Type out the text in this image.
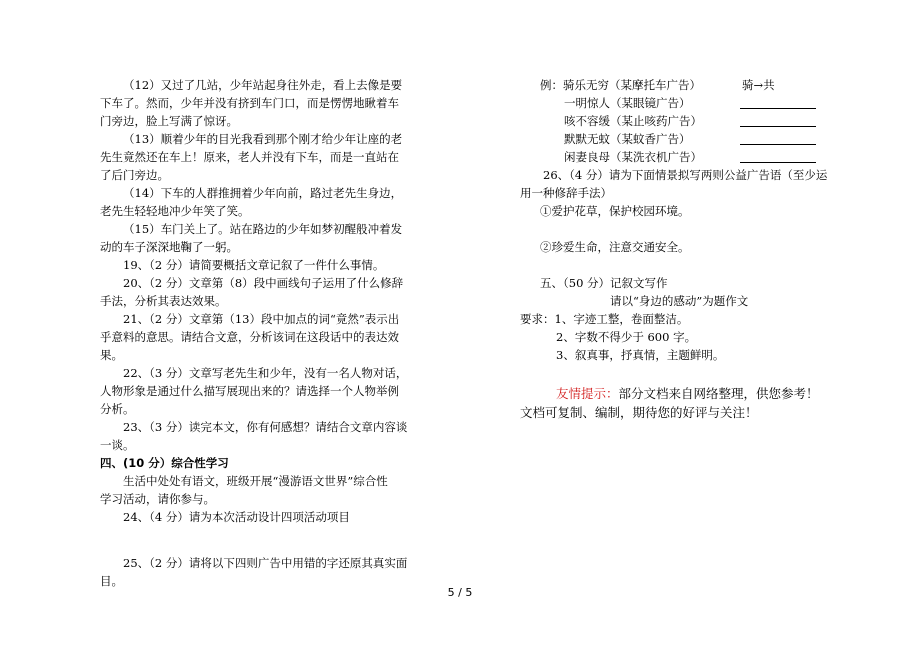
（12）又过了几站，少年站起身往外走，看上去像是要
下车了。然而，少年并没有挤到车门口，而是愣愣地瞅着车
门旁边，脸上写满了惊讶。
（13）顺着少年的目光我看到那个刚才给少年让座的老
先生竟然还在车上！原来，老人并没有下车，而是一直站在
了后门旁边。
（14）下车的人群推拥着少年向前，路过老先生身边，
老先生轻轻地冲少年笑了笑。
（15）车门关上了。站在路边的少年如梦初醒般冲着发
动的车子深深地鞠了一躬。
19、（2 分）请简要概括文章记叙了一件什么事情。
20、（2 分）文章第（8）段中画线句子运用了什么修辞
手法，分析其表达效果。
21、（2 分）文章第（13）段中加点的词“竟然”表示出
乎意料的意思。请结合文意，分析该词在这段话中的表达效
果。
22、（3 分）文章写老先生和少年，没有一名人物对话，
人物形象是通过什么描写展现出来的？请选择一个人物举例
分析。
23、（3 分）读完本文，你有何感想？请结合文章内容谈
一谈。
四、(10 分）综合性学习
生活中处处有语文，班级开展“漫游语文世界”综合性
学习活动，请你参与。
24、（4 分）请为本次活动设计四项活动项目
25、（2 分）请将以下四则广告中用错的字还原其真实面
目。
例：骑乐无穷（某摩托车广告）	骑→共
一明惊人（某眼镜广告）
咳不容缓（某止咳药广告）
默默无蚊（某蚊香广告）
闲妻良母（某洗衣机广告）
26、（4 分）请为下面情景拟写两则公益广告语（至少运
用一种修辞手法）
①爱护花草，保护校园环境。
②珍爱生命，注意交通安全。
五、（50 分）记叙文写作
请以“身边的感动”为题作文
要求：1、字迹工整，卷面整洁。
2、字数不得少于 600 字。
3、叙真事，抒真情，主题鲜明。
友情提示：部分文档来自网络整理，供您参考！
文档可复制、编制，期待您的好评与关注！
5 / 5
